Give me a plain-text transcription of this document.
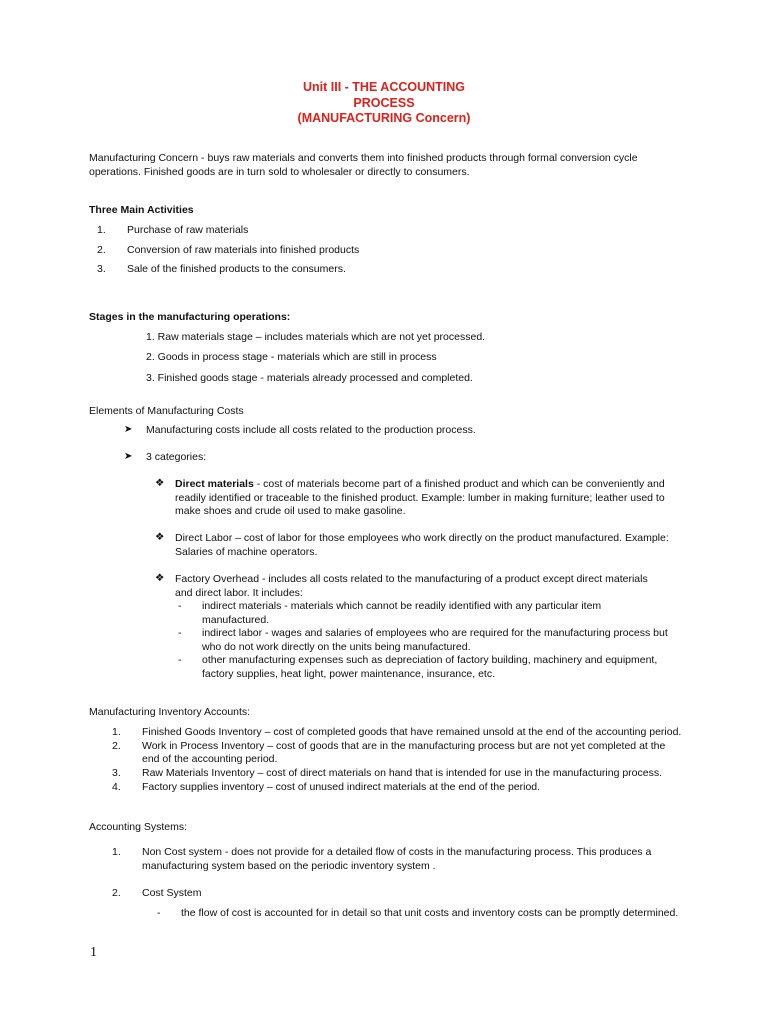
Unit III - THE ACCOUNTING
PROCESS
(MANUFACTURING Concern)
Manufacturing Concern - buys raw materials and converts them into finished products through formal conversion cycle
operations. Finished goods are in turn sold to wholesaler or directly to consumers.
Three Main Activities
1. Purchase of raw materials
2. Conversion of raw materials into finished products
3. Sale of the finished products to the consumers.
Stages in the manufacturing operations:
1. Raw materials stage – includes materials which are not yet processed.
2. Goods in process stage - materials which are still in process
3. Finished goods stage - materials already processed and completed.
Elements of Manufacturing Costs
➤ Manufacturing costs include all costs related to the production process.
➤ 3 categories:
❖ Direct materials - cost of materials become part of a finished product and which can be conveniently and
readily identified or traceable to the finished product. Example: lumber in making furniture; leather used to
make shoes and crude oil used to make gasoline.
❖ Direct Labor – cost of labor for those employees who work directly on the product manufactured. Example:
Salaries of machine operators.
❖ Factory Overhead - includes all costs related to the manufacturing of a product except direct materials
and direct labor. It includes:
- indirect materials - materials which cannot be readily identified with any particular item
manufactured.
- indirect labor - wages and salaries of employees who are required for the manufacturing process but
who do not work directly on the units being manufactured.
- other manufacturing expenses such as depreciation of factory building, machinery and equipment,
factory supplies, heat light, power maintenance, insurance, etc.
Manufacturing Inventory Accounts:
1. Finished Goods Inventory – cost of completed goods that have remained unsold at the end of the accounting period.
2. Work in Process Inventory – cost of goods that are in the manufacturing process but are not yet completed at the
end of the accounting period.
3. Raw Materials Inventory – cost of direct materials on hand that is intended for use in the manufacturing process.
4. Factory supplies inventory – cost of unused indirect materials at the end of the period.
Accounting Systems:
1. Non Cost system - does not provide for a detailed flow of costs in the manufacturing process. This produces a
manufacturing system based on the periodic inventory system .
2. Cost System
- the flow of cost is accounted for in detail so that unit costs and inventory costs can be promptly determined.
1
